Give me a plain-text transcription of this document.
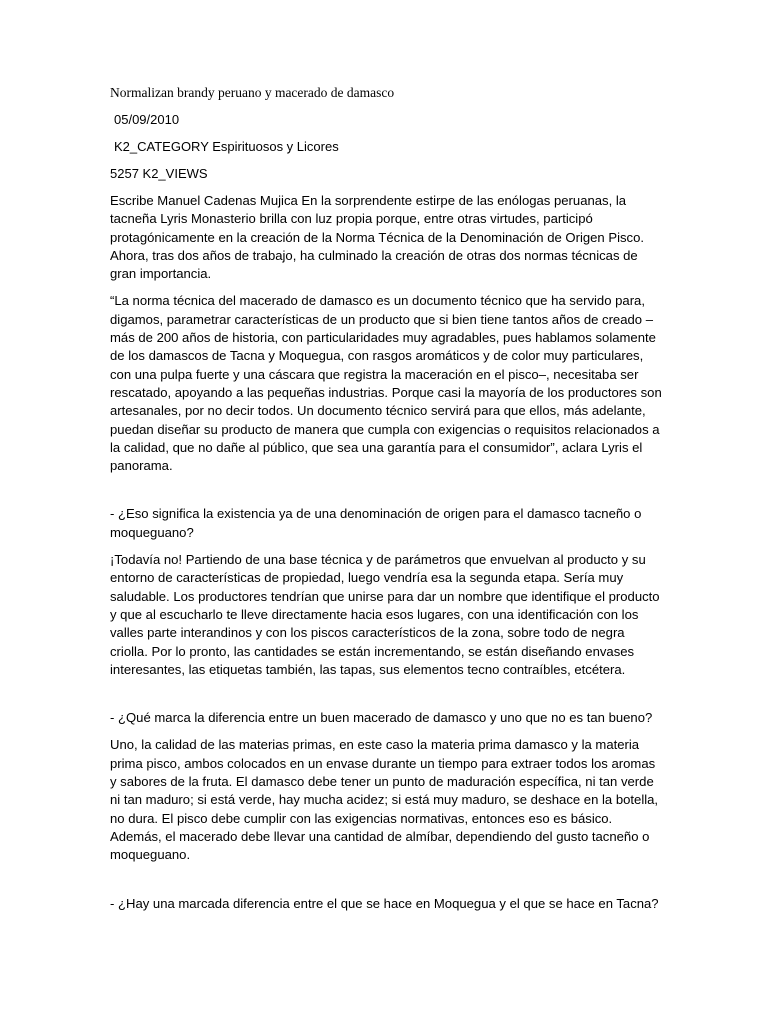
Normalizan brandy peruano y macerado de damasco
05/09/2010
K2_CATEGORY Espirituosos y Licores
5257 K2_VIEWS

Escribe Manuel Cadenas Mujica En la sorprendente estirpe de las enólogas peruanas, la tacneña Lyris Monasterio brilla con luz propia porque, entre otras virtudes, participó protagónicamente en la creación de la Norma Técnica de la Denominación de Origen Pisco. Ahora, tras dos años de trabajo, ha culminado la creación de otras dos normas técnicas de gran importancia.

“La norma técnica del macerado de damasco es un documento técnico que ha servido para, digamos, parametrar características de un producto que si bien tiene tantos años de creado – más de 200 años de historia, con particularidades muy agradables, pues hablamos solamente de los damascos de Tacna y Moquegua, con rasgos aromáticos y de color muy particulares, con una pulpa fuerte y una cáscara que registra la maceración en el pisco–, necesitaba ser rescatado, apoyando a las pequeñas industrias. Porque casi la mayoría de los productores son artesanales, por no decir todos. Un documento técnico servirá para que ellos, más adelante, puedan diseñar su producto de manera que cumpla con exigencias o requisitos relacionados a la calidad, que no dañe al público, que sea una garantía para el consumidor”, aclara Lyris el panorama.

- ¿Eso significa la existencia ya de una denominación de origen para el damasco tacneño o moqueguano?

¡Todavía no! Partiendo de una base técnica y de parámetros que envuelvan al producto y su entorno de características de propiedad, luego vendría esa la segunda etapa. Sería muy saludable. Los productores tendrían que unirse para dar un nombre que identifique el producto y que al escucharlo te lleve directamente hacia esos lugares, con una identificación con los valles parte interandinos y con los piscos característicos de la zona, sobre todo de negra criolla. Por lo pronto, las cantidades se están incrementando, se están diseñando envases interesantes, las etiquetas también, las tapas, sus elementos tecno contraíbles, etcétera.

- ¿Qué marca la diferencia entre un buen macerado de damasco y uno que no es tan bueno?

Uno, la calidad de las materias primas, en este caso la materia prima damasco y la materia prima pisco, ambos colocados en un envase durante un tiempo para extraer todos los aromas y sabores de la fruta. El damasco debe tener un punto de maduración específica, ni tan verde ni tan maduro; si está verde, hay mucha acidez; si está muy maduro, se deshace en la botella, no dura. El pisco debe cumplir con las exigencias normativas, entonces eso es básico. Además, el macerado debe llevar una cantidad de almíbar, dependiendo del gusto tacneño o moqueguano.

- ¿Hay una marcada diferencia entre el que se hace en Moquegua y el que se hace en Tacna?
